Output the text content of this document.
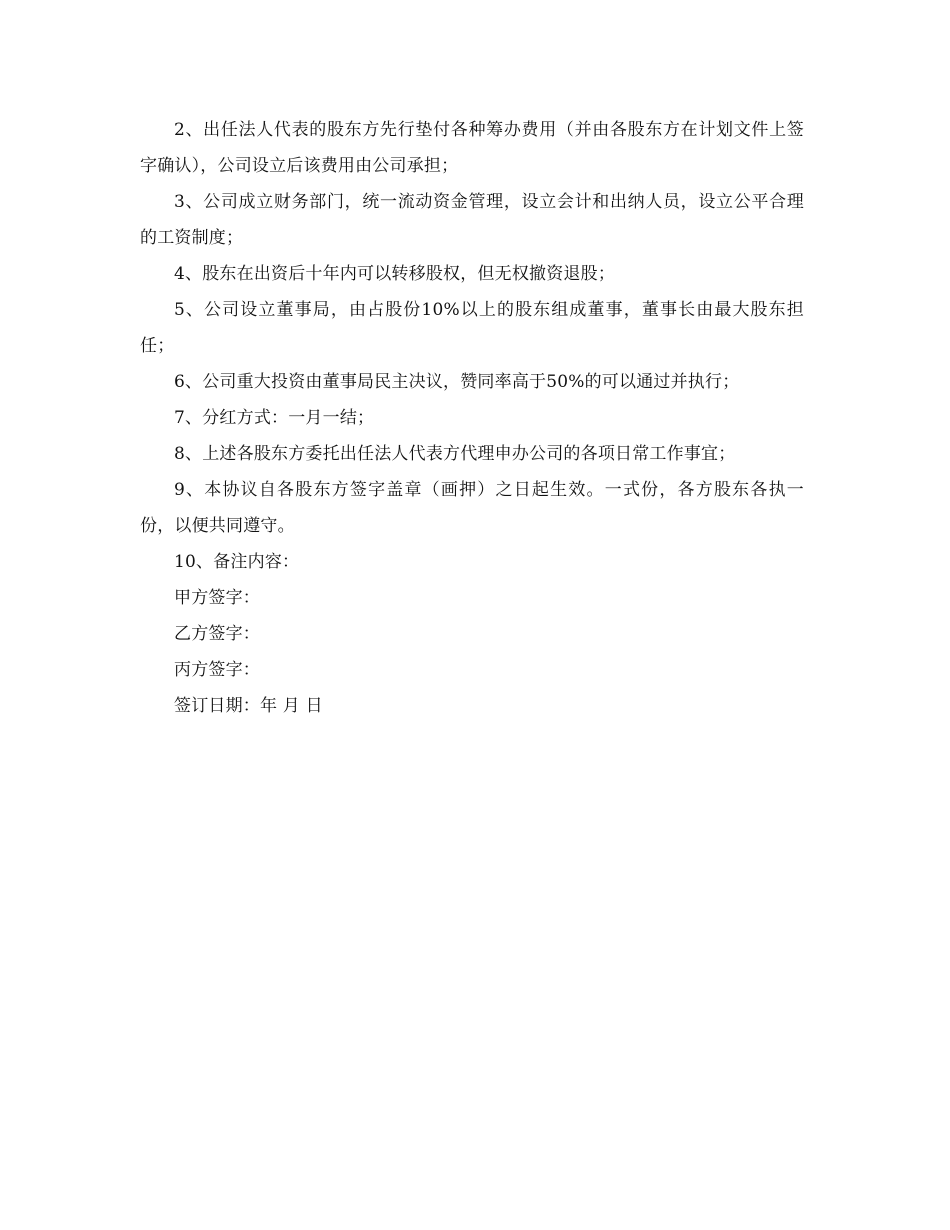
2、出任法人代表的股东方先行垫付各种筹办费用（并由各股东方在计划文件上签字确认），公司设立后该费用由公司承担；

3、公司成立财务部门，统一流动资金管理，设立会计和出纳人员，设立公平合理的工资制度；

4、股东在出资后十年内可以转移股权，但无权撤资退股；

5、公司设立董事局，由占股份10%以上的股东组成董事，董事长由最大股东担任；

6、公司重大投资由董事局民主决议，赞同率高于50%的可以通过并执行；

7、分红方式：一月一结；

8、上述各股东方委托出任法人代表方代理申办公司的各项日常工作事宜；

9、本协议自各股东方签字盖章（画押）之日起生效。一式份，各方股东各执一份，以便共同遵守。

10、备注内容：

甲方签字：

乙方签字：

丙方签字：

签订日期：年 月 日
